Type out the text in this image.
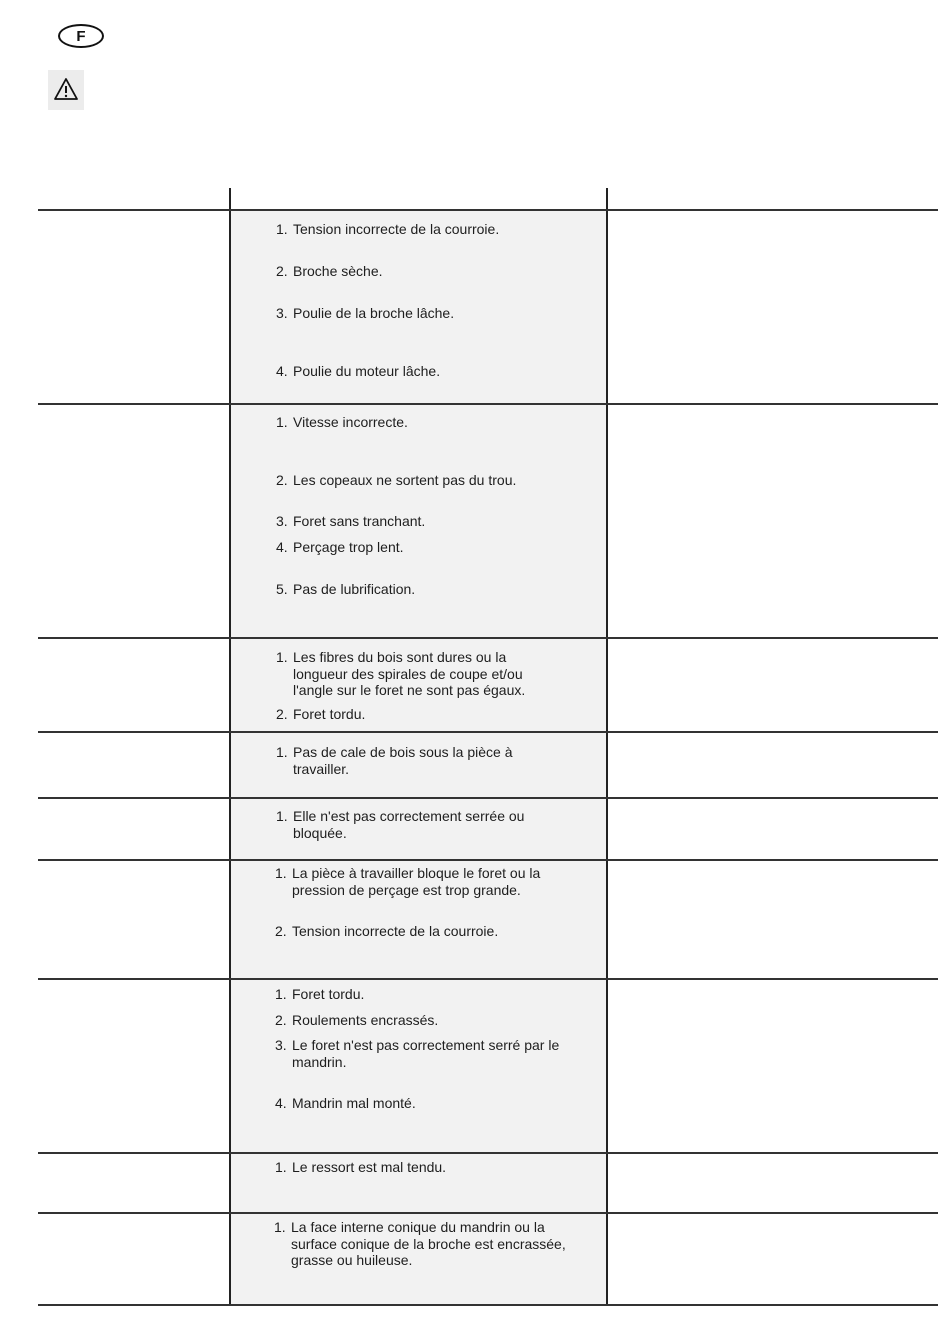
F
1. Tension incorrecte de la courroie.
2. Broche sèche.
3. Poulie de la broche lâche.
4. Poulie du moteur lâche.
1. Vitesse incorrecte.
2. Les copeaux ne sortent pas du trou.
3. Foret sans tranchant.
4. Perçage trop lent.
5. Pas de lubrification.
1. Les fibres du bois sont dures ou la longueur des spirales de coupe et/ou l'angle sur le foret ne sont pas égaux.
2. Foret tordu.
1. Pas de cale de bois sous la pièce à travailler.
1. Elle n'est pas correctement serrée ou bloquée.
1. La pièce à travailler bloque le foret ou la pression de perçage est trop grande.
2. Tension incorrecte de la courroie.
1. Foret tordu.
2. Roulements encrassés.
3. Le foret n'est pas correctement serré par le mandrin.
4. Mandrin mal monté.
1. Le ressort est mal tendu.
1. La face interne conique du mandrin ou la surface conique de la broche est encrassée, grasse ou huileuse.
